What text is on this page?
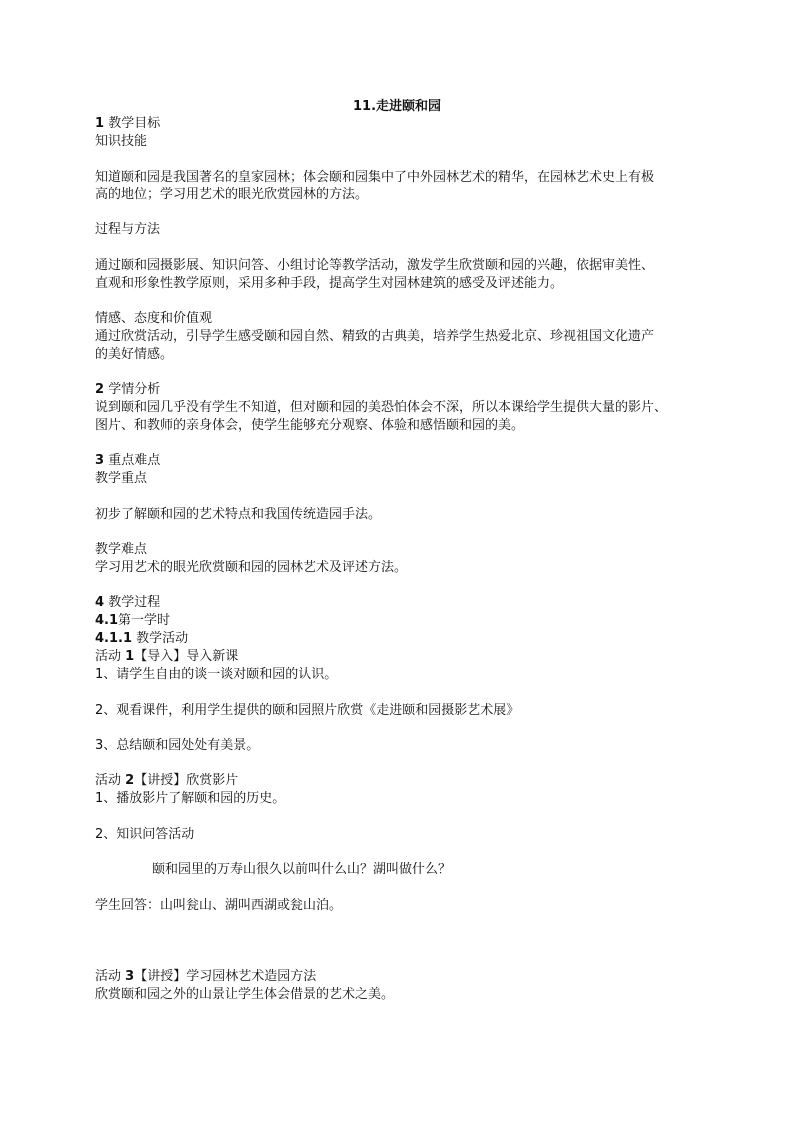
11.走进颐和园
1 教学目标
知识技能
知道颐和园是我国著名的皇家园林；体会颐和园集中了中外园林艺术的精华，在园林艺术史上有极
高的地位；学习用艺术的眼光欣赏园林的方法。
过程与方法
通过颐和园摄影展、知识问答、小组讨论等教学活动，激发学生欣赏颐和园的兴趣，依据审美性、
直观和形象性教学原则，采用多种手段，提高学生对园林建筑的感受及评述能力。
情感、态度和价值观
通过欣赏活动，引导学生感受颐和园自然、精致的古典美，培养学生热爱北京、珍视祖国文化遗产
的美好情感。
2 学情分析
说到颐和园几乎没有学生不知道，但对颐和园的美恐怕体会不深，所以本课给学生提供大量的影片、
图片、和教师的亲身体会，使学生能够充分观察、体验和感悟颐和园的美。
3 重点难点
教学重点
初步了解颐和园的艺术特点和我国传统造园手法。
教学难点
学习用艺术的眼光欣赏颐和园的园林艺术及评述方法。
4 教学过程
4.1第一学时
4.1.1 教学活动
活动 1【导入】导入新课
1、请学生自由的谈一谈对颐和园的认识。
2、观看课件，利用学生提供的颐和园照片欣赏《走进颐和园摄影艺术展》
3、总结颐和园处处有美景。
活动 2【讲授】欣赏影片
1、播放影片了解颐和园的历史。
2、知识问答活动
颐和园里的万寿山很久以前叫什么山？湖叫做什么？
学生回答：山叫瓮山、湖叫西湖或瓮山泊。
活动 3【讲授】学习园林艺术造园方法
欣赏颐和园之外的山景让学生体会借景的艺术之美。
